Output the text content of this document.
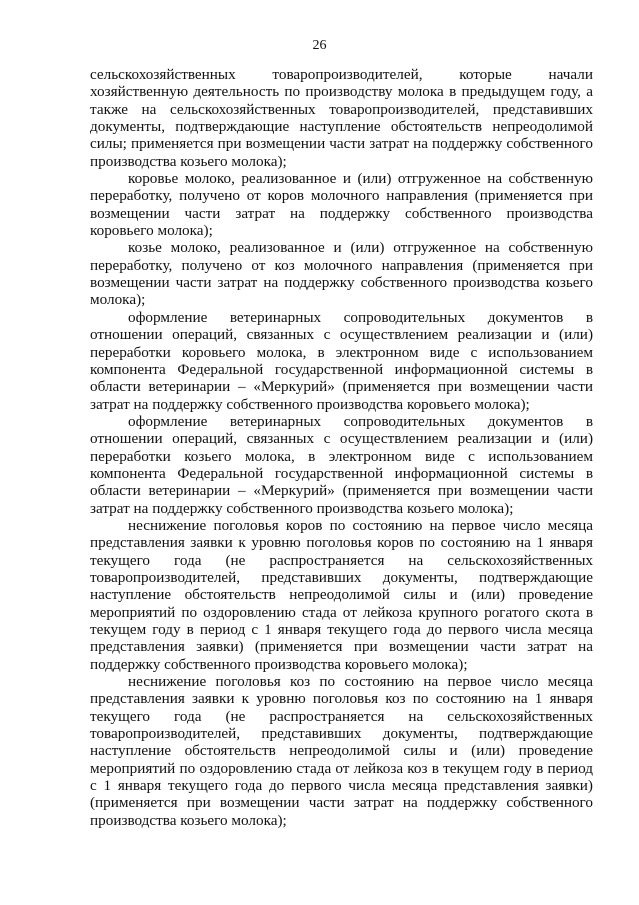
26

сельскохозяйственных товаропроизводителей, которые начали хозяйственную деятельность по производству молока в предыдущем году, а также на сельскохозяйственных товаропроизводителей, представивших документы, подтверждающие наступление обстоятельств непреодолимой силы; применяется при возмещении части затрат на поддержку собственного производства козьего молока);

коровье молоко, реализованное и (или) отгруженное на собственную переработку, получено от коров молочного направления (применяется при возмещении части затрат на поддержку собственного производства коровьего молока);

козье молоко, реализованное и (или) отгруженное на собственную переработку, получено от коз молочного направления (применяется при возмещении части затрат на поддержку собственного производства козьего молока);

оформление ветеринарных сопроводительных документов в отношении операций, связанных с осуществлением реализации и (или) переработки коровьего молока, в электронном виде с использованием компонента Федеральной государственной информационной системы в области ветеринарии – «Меркурий» (применяется при возмещении части затрат на поддержку собственного производства коровьего молока);

оформление ветеринарных сопроводительных документов в отношении операций, связанных с осуществлением реализации и (или) переработки козьего молока, в электронном виде с использованием компонента Федеральной государственной информационной системы в области ветеринарии – «Меркурий» (применяется при возмещении части затрат на поддержку собственного производства козьего молока);

неснижение поголовья коров по состоянию на первое число месяца представления заявки к уровню поголовья коров по состоянию на 1 января текущего года (не распространяется на сельскохозяйственных товаропроизводителей, представивших документы, подтверждающие наступление обстоятельств непреодолимой силы и (или) проведение мероприятий по оздоровлению стада от лейкоза крупного рогатого скота в текущем году в период с 1 января текущего года до первого числа месяца представления заявки) (применяется при возмещении части затрат на поддержку собственного производства коровьего молока);

неснижение поголовья коз по состоянию на первое число месяца представления заявки к уровню поголовья коз по состоянию на 1 января текущего года (не распространяется на сельскохозяйственных товаропроизводителей, представивших документы, подтверждающие наступление обстоятельств непреодолимой силы и (или) проведение мероприятий по оздоровлению стада от лейкоза коз в текущем году в период с 1 января текущего года до первого числа месяца представления заявки) (применяется при возмещении части затрат на поддержку собственного производства козьего молока);
